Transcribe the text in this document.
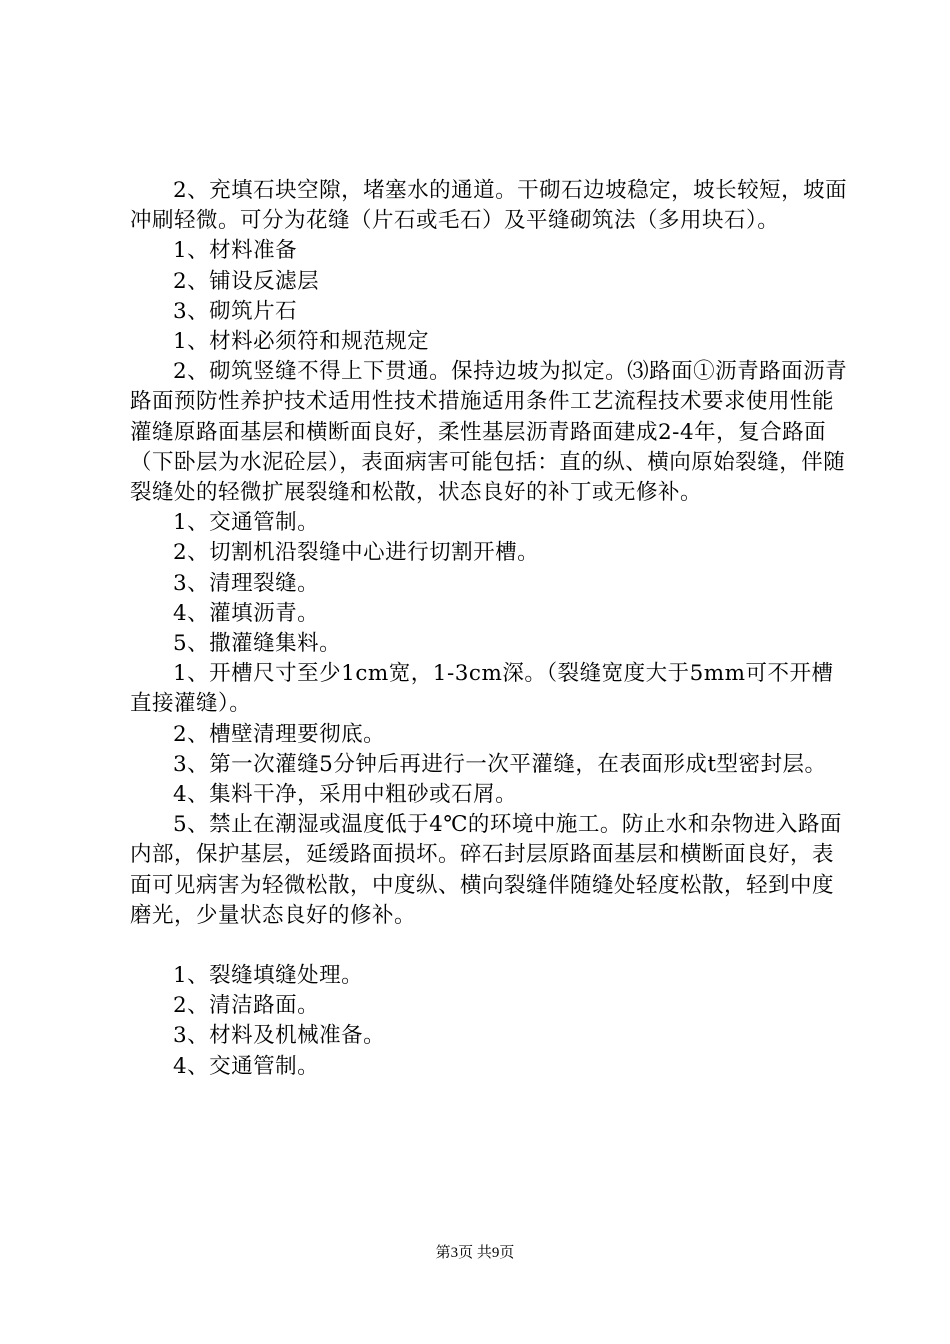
2、充填石块空隙，堵塞水的通道。干砌石边坡稳定，坡长较短，坡面冲刷轻微。可分为花缝（片石或毛石）及平缝砌筑法（多用块石）。

1、材料准备

2、铺设反滤层

3、砌筑片石

1、材料必须符和规范规定

2、砌筑竖缝不得上下贯通。保持边坡为拟定。⑶路面①沥青路面沥青路面预防性养护技术适用性技术措施适用条件工艺流程技术要求使用性能灌缝原路面基层和横断面良好，柔性基层沥青路面建成2-4年，复合路面（下卧层为水泥砼层），表面病害可能包括：直的纵、横向原始裂缝，伴随裂缝处的轻微扩展裂缝和松散，状态良好的补丁或无修补。

1、交通管制。

2、切割机沿裂缝中心进行切割开槽。

3、清理裂缝。

4、灌填沥青。

5、撒灌缝集料。

1、开槽尺寸至少1cm宽，1-3cm深。（裂缝宽度大于5mm可不开槽直接灌缝）。

2、槽壁清理要彻底。

3、第一次灌缝5分钟后再进行一次平灌缝，在表面形成t型密封层。

4、集料干净，采用中粗砂或石屑。

5、禁止在潮湿或温度低于4℃的环境中施工。防止水和杂物进入路面内部，保护基层，延缓路面损坏。碎石封层原路面基层和横断面良好，表面可见病害为轻微松散，中度纵、横向裂缝伴随缝处轻度松散，轻到中度磨光，少量状态良好的修补。

1、裂缝填缝处理。

2、清洁路面。

3、材料及机械准备。

4、交通管制。

第3页 共9页
